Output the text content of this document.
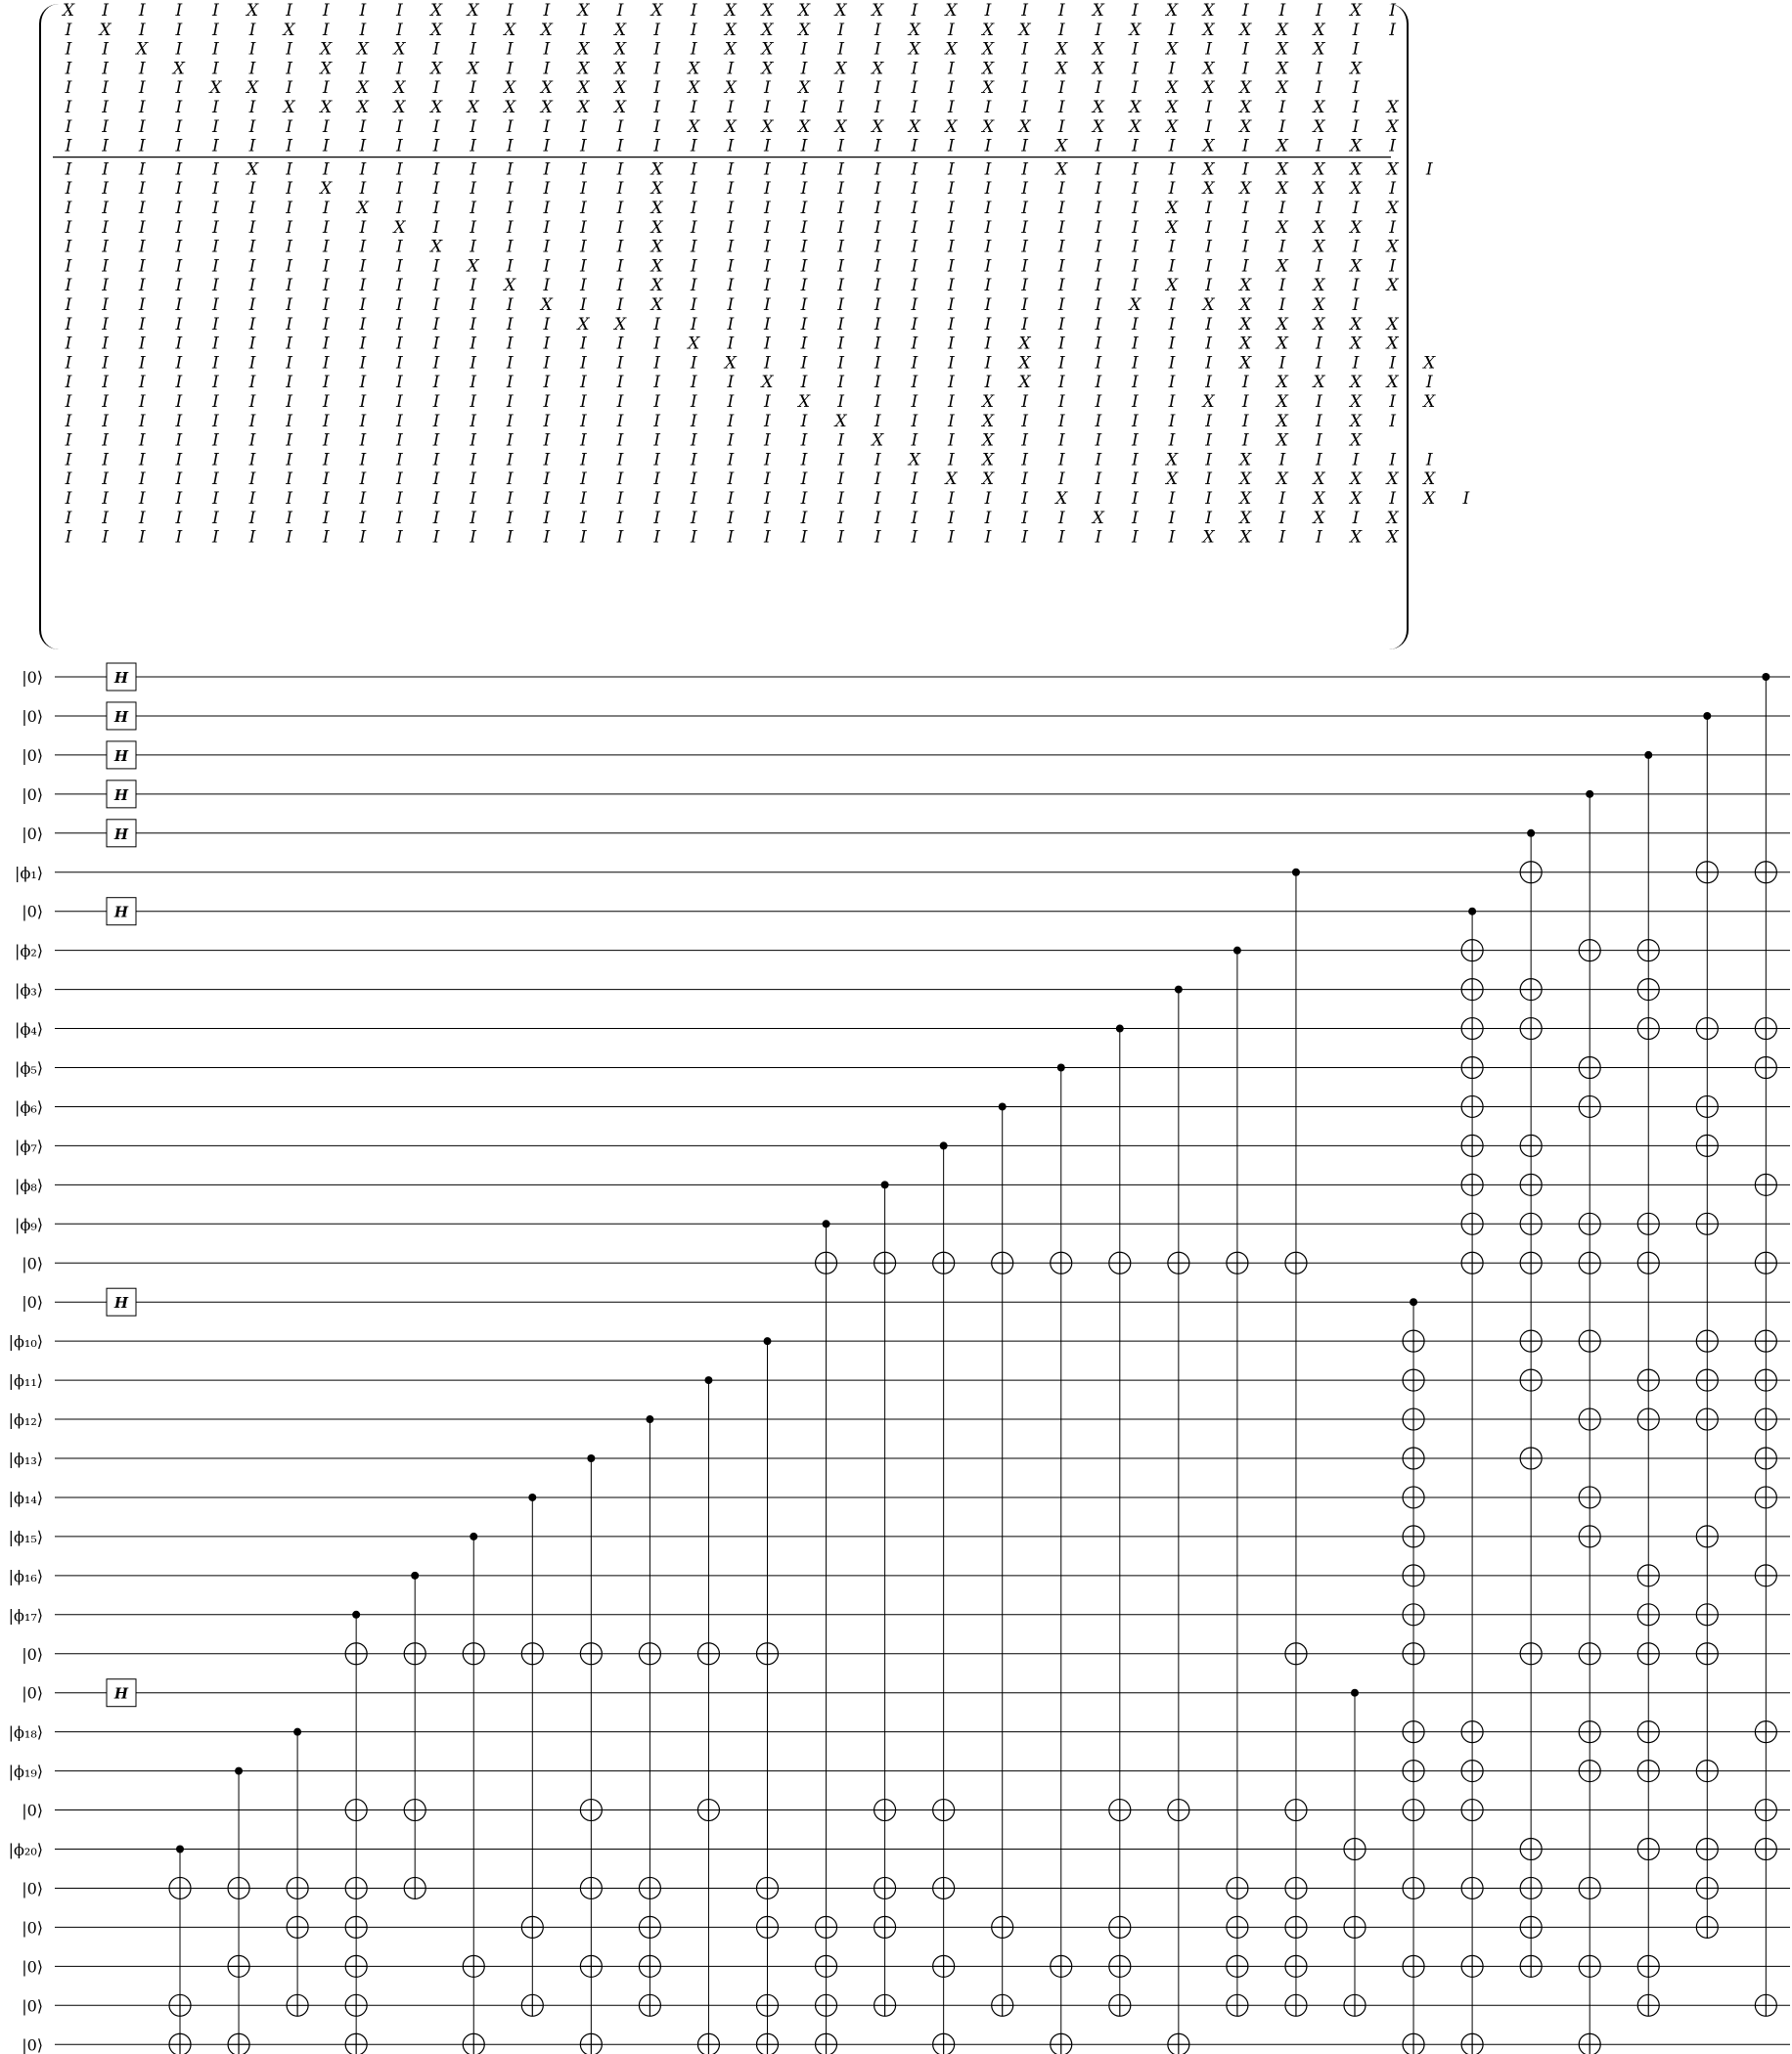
X I I I I X I I I I X X I I X I X I X X X X X I X I I I X I X X I I I X I
I X I I I I X I I I X I X X I X I I X X X I I X I X X I I X I X X X X I I
I I X I I I I X X X I I I I X X I I X X I I I X X X I X X I X I I X X I
I I I X I I I X I I X X I I X X I X I X I X X I I X I X X I I X I X I X
I I I I X X I I X X I I X X X X I X X I X I I I I X I I I I X X X X I I
I I I I I I X X X X X X X X X X I I I I I I I I I I I I X X X I X I X I X
I I I I I I I I I I I I I I I I I X X X X X X X X X X I X X X I X I X I X
I I I I I I I I I I I I I I I I I I I I I I I I I I I X I I I X I X I X I
I I I I I X I I I I I I I I I I X I I I I I I I I I I X I I I X I X X X X I
I I I I I I I X I I I I I I I I X I I I I I I I I I I I I I I X X X X X I
I I I I I I I I X I I I I I I I X I I I I I I I I I I I I I X I I I I I X
I I I I I I I I I X I I I I I I X I I I I I I I I I I I I I X I I X X X I
I I I I I I I I I I X I I I I I X I I I I I I I I I I I I I I I I I X I X
I I I I I I I I I I I X I I I I X I I I I I I I I I I I I I I I I X I X I
I I I I I I I I I I I I X I I I X I I I I I I I I I I I I I X I X I X I X
I I I I I I I I I I I I I X I I X I I I I I I I I I I I I X I X X I X I
I I I I I I I I I I I I I I X X I I I I I I I I I I I I I I I I X X X X X
I I I I I I I I I I I I I I I I I X I I I I I I I I X I I I I I X X I X X
I I I I I I I I I I I I I I I I I I X I I I I I I I X I I I I I X I I I I X
I I I I I I I I I I I I I I I I I I I X I I I I I I X I I I I I I X X X X I
I I I I I I I I I I I I I I I I I I I I X I I I I X I I I I I X I X I X I X
I I I I I I I I I I I I I I I I I I I I I X I I I X I I I I I I I X I X I
I I I I I I I I I I I I I I I I I I I I I I X I I X I I I I I I I X I X
I I I I I I I I I I I I I I I I I I I I I I I X I X I I I I X I X I I I I I
I I I I I I I I I I I I I I I I I I I I I I I I X X I I I I X I X X X X X X
I I I I I I I I I I I I I I I I I I I I I I I I I I I X I I I I X I X X I X I
I I I I I I I I I I I I I I I I I I I I I I I I I I I I X I I I X I X I X
I I I I I I I I I I I I I I I I I I I I I I I I I I I I I I I X X I I X X
|0⟩
|0⟩
|0⟩
|0⟩
|0⟩
|ϕ₁⟩
|0⟩
|ϕ₂⟩
|ϕ₃⟩
|ϕ₄⟩
|ϕ₅⟩
|ϕ₆⟩
|ϕ₇⟩
|ϕ₈⟩
|ϕ₉⟩
|0⟩
|0⟩
|ϕ₁₀⟩
|ϕ₁₁⟩
|ϕ₁₂⟩
|ϕ₁₃⟩
|ϕ₁₄⟩
|ϕ₁₅⟩
|ϕ₁₆⟩
|ϕ₁₇⟩
|0⟩
|0⟩
|ϕ₁₈⟩
|ϕ₁₉⟩
|0⟩
|ϕ₂₀⟩
|0⟩
|0⟩
|0⟩
|0⟩
|0⟩
H
H
H
H
H
H
H
H
